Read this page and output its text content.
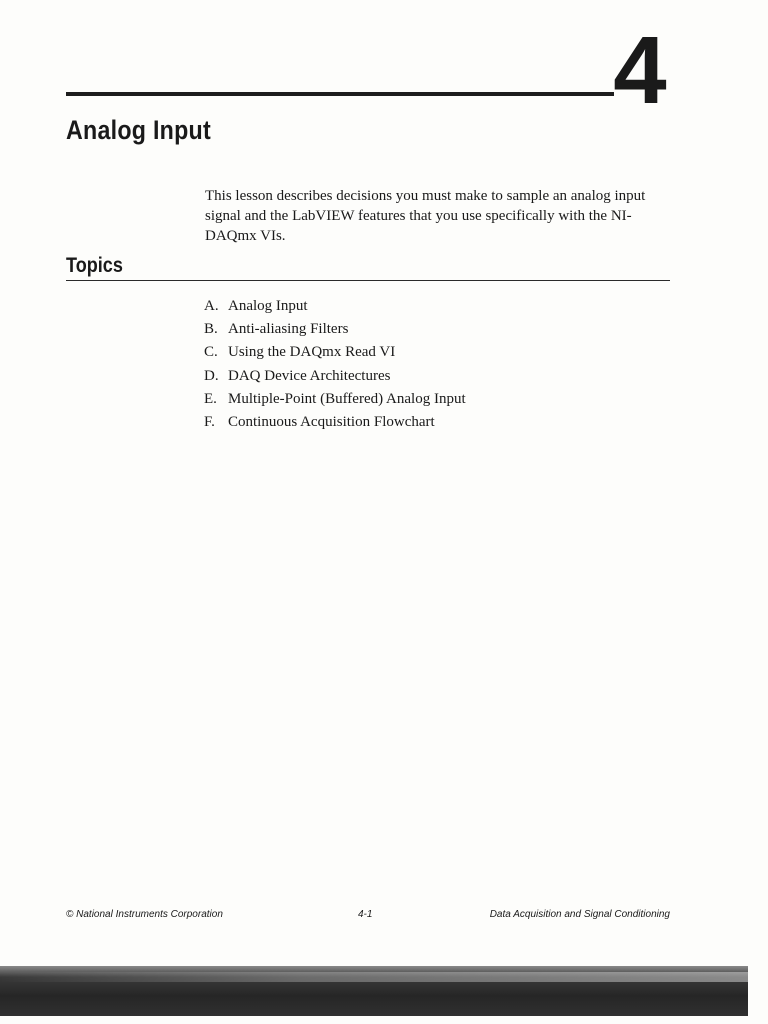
4
Analog Input

This lesson describes decisions you must make to sample an analog input signal and the LabVIEW features that you use specifically with the NI-DAQmx VIs.

Topics
A. Analog Input
B. Anti-aliasing Filters
C. Using the DAQmx Read VI
D. DAQ Device Architectures
E. Multiple-Point (Buffered) Analog Input
F. Continuous Acquisition Flowchart
© National Instruments Corporation	4-1	Data Acquisition and Signal Conditioning
